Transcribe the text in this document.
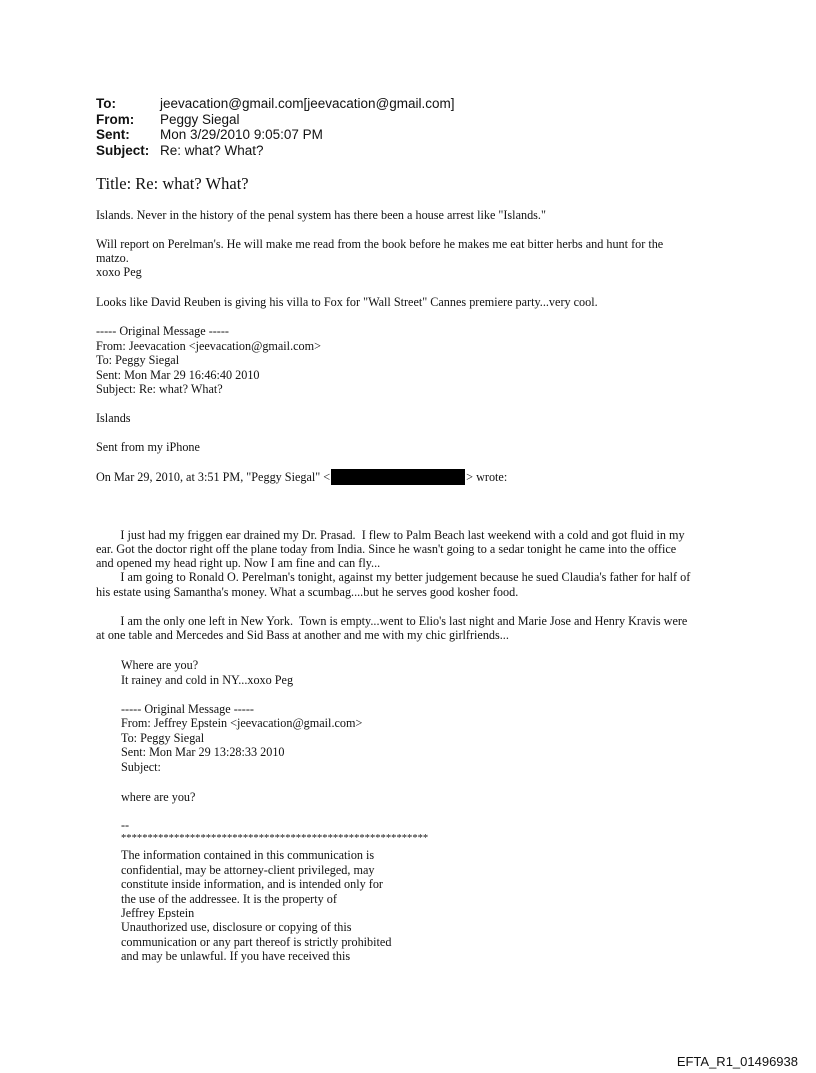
To:	jeevacation@gmail.com[jeevacation@gmail.com]
From:	Peggy Siegal
Sent:	Mon 3/29/2010 9:05:07 PM
Subject: Re: what? What?
Title: Re: what? What?
Islands. Never in the history of the penal system has there been a house arrest like "Islands."
Will report on Perelman's. He will make me read from the book before he makes me eat bitter herbs and hunt for the
matzo.
xoxo Peg
Looks like David Reuben is giving his villa to Fox for "Wall Street" Cannes premiere party...very cool.
----- Original Message -----
From: Jeevacation <jeevacation@gmail.com>
To: Peggy Siegal
Sent: Mon Mar 29 16:46:40 2010
Subject: Re: what? What?
Islands
Sent from my iPhone
On Mar 29, 2010, at 3:51 PM, "Peggy Siegal" <	> wrote:
I just had my friggen ear drained my Dr. Prasad.  I flew to Palm Beach last weekend with a cold and got fluid in my
ear. Got the doctor right off the plane today from India. Since he wasn't going to a sedar tonight he came into the office
and opened my head right up. Now I am fine and can fly...
I am going to Ronald O. Perelman's tonight, against my better judgement because he sued Claudia's father for half of
his estate using Samantha's money. What a scumbag....but he serves good kosher food.
I am the only one left in New York.  Town is empty...went to Elio's last night and Marie Jose and Henry Kravis were
at one table and Mercedes and Sid Bass at another and me with my chic girlfriends...
Where are you?
It rainey and cold in NY...xoxo Peg
----- Original Message -----
From: Jeffrey Epstein <jeevacation@gmail.com>
To: Peggy Siegal
Sent: Mon Mar 29 13:28:33 2010
Subject:
where are you?
--
**********************************************************
The information contained in this communication is
confidential, may be attorney-client privileged, may
constitute inside information, and is intended only for
the use of the addressee. It is the property of
Jeffrey Epstein
Unauthorized use, disclosure or copying of this
communication or any part thereof is strictly prohibited
and may be unlawful. If you have received this
EFTA_R1_01496938
